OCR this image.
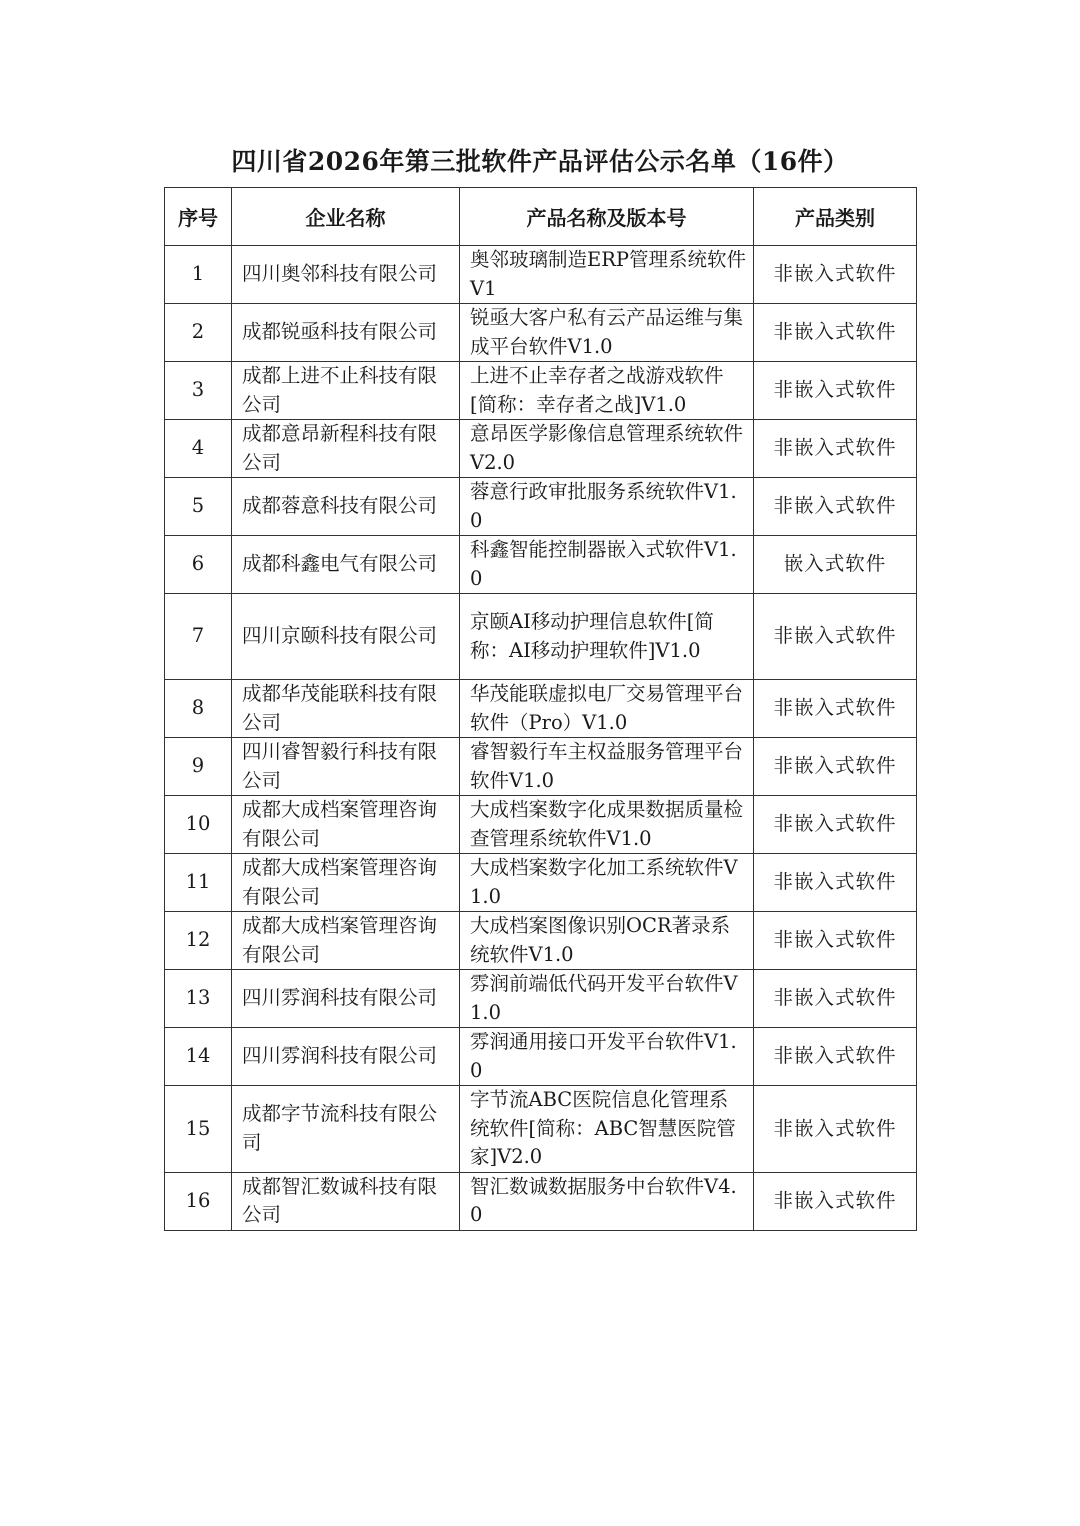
四川省2026年第三批软件产品评估公示名单（16件）
序号	企业名称	产品名称及版本号	产品类别
1	四川奥邻科技有限公司	奥邻玻璃制造ERP管理系统软件V1	非嵌入式软件
2	成都锐亟科技有限公司	锐亟大客户私有云产品运维与集成平台软件V1.0	非嵌入式软件
3	成都上进不止科技有限公司	上进不止幸存者之战游戏软件[简称：幸存者之战]V1.0	非嵌入式软件
4	成都意昂新程科技有限公司	意昂医学影像信息管理系统软件V2.0	非嵌入式软件
5	成都蓉意科技有限公司	蓉意行政审批服务系统软件V1.0	非嵌入式软件
6	成都科鑫电气有限公司	科鑫智能控制器嵌入式软件V1.0	嵌入式软件
7	四川京颐科技有限公司	京颐AI移动护理信息软件[简称：AI移动护理软件]V1.0	非嵌入式软件
8	成都华茂能联科技有限公司	华茂能联虚拟电厂交易管理平台软件（Pro）V1.0	非嵌入式软件
9	四川睿智毅行科技有限公司	睿智毅行车主权益服务管理平台软件V1.0	非嵌入式软件
10	成都大成档案管理咨询有限公司	大成档案数字化成果数据质量检查管理系统软件V1.0	非嵌入式软件
11	成都大成档案管理咨询有限公司	大成档案数字化加工系统软件V1.0	非嵌入式软件
12	成都大成档案管理咨询有限公司	大成档案图像识别OCR著录系统软件V1.0	非嵌入式软件
13	四川雰润科技有限公司	雰润前端低代码开发平台软件V1.0	非嵌入式软件
14	四川雰润科技有限公司	雰润通用接口开发平台软件V1.0	非嵌入式软件
15	成都字节流科技有限公司	字节流ABC医院信息化管理系统软件[简称：ABC智慧医院管家]V2.0	非嵌入式软件
16	成都智汇数诚科技有限公司	智汇数诚数据服务中台软件V4.0	非嵌入式软件
